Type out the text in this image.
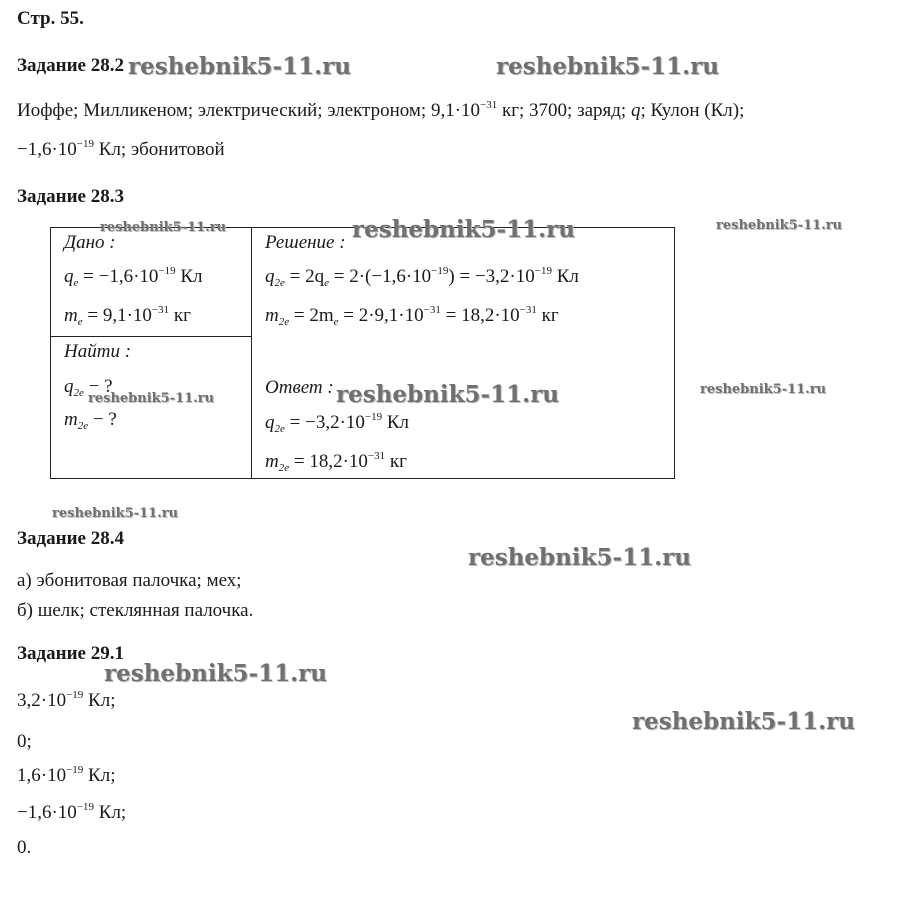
Стр. 55.
Задание 28.2
Иоффе; Милликеном; электрический; электроном; $9,1\cdot 10^{-31}$ кг; 3700; заряд; q; Кулон (Кл);
$-1,6\cdot 10^{-19}$ Кл; эбонитовой
Задание 28.3
Дано :
$q_e = -1,6\cdot 10^{-19}$ Кл
$m_e = 9,1\cdot 10^{-31}$ кг
Найти :
$q_{2e}$ − ?
$m_{2e}$ − ?
Решение :
$q_{2e} = 2q_e = 2\cdot(-1,6\cdot 10^{-19}) = -3,2\cdot 10^{-19}$ Кл
$m_{2e} = 2m_e = 2\cdot 9,1\cdot 10^{-31} = 18,2\cdot 10^{-31}$ кг
Ответ :
$q_{2e} = -3,2\cdot 10^{-19}$ Кл
$m_{2e} = 18,2\cdot 10^{-31}$ кг
Задание 28.4
а) эбонитовая палочка; мех;
б) шелк; стеклянная палочка.
Задание 29.1
$3,2\cdot 10^{-19}$ Кл;
0;
$1,6\cdot 10^{-19}$ Кл;
$-1,6\cdot 10^{-19}$ Кл;
0.
reshebnik5-11.ru	reshebnik5-11.ru
reshebnik5-11.ru	reshebnik5-11.ru	reshebnik5-11.ru
reshebnik5-11.ru	reshebnik5-11.ru
reshebnik5-11.ru
reshebnik5-11.ru
reshebnik5-11.ru
reshebnik5-11.ru
reshebnik5-11.ru
